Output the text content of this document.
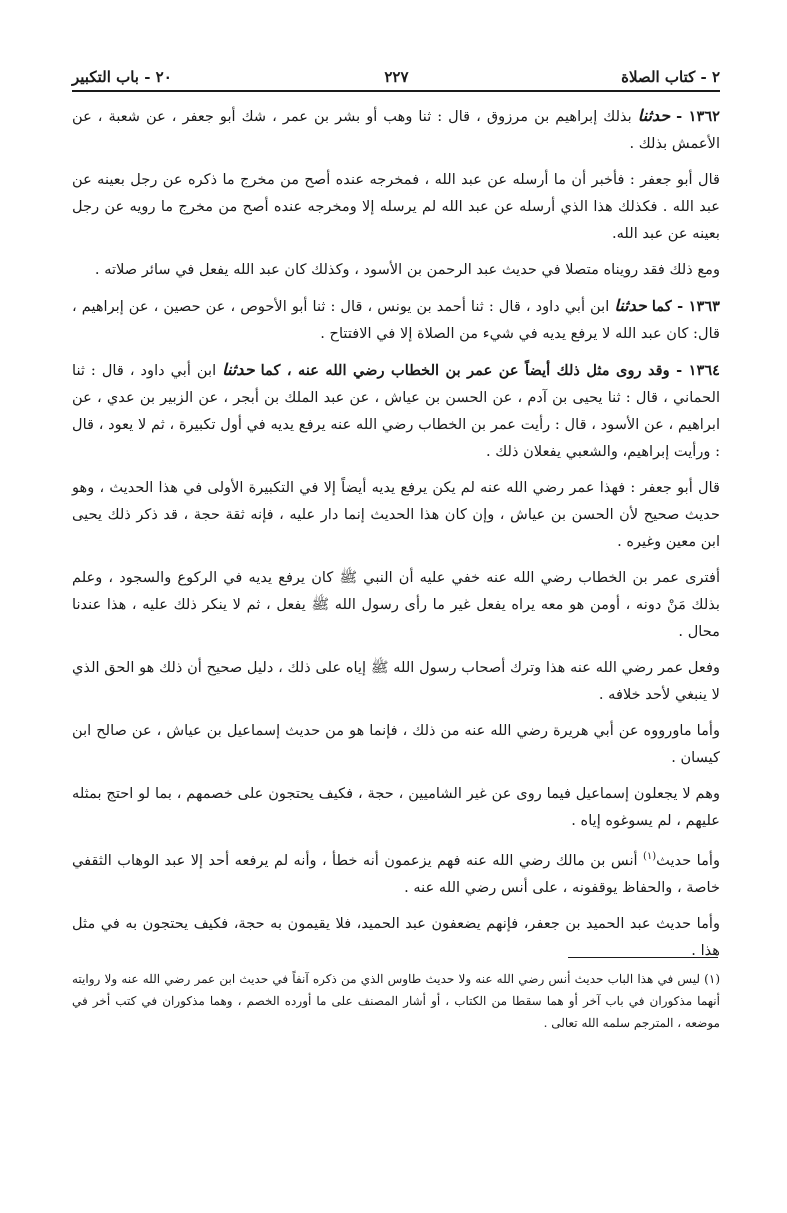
٢ - كتاب الصلاة
٢٢٧
٢٠ - باب التكبير

١٣٦٢ - حدثنا بذلك إبراهيم بن مرزوق ، قال : ثنا وهب أو بشر بن عمر ، شك أبو جعفر ، عن شعبة ، عن الأعمش بذلك .

قال أبو جعفر : فأخبر أن ما أرسله عن عبد الله ، فمخرجه عنده أصح من مخرج ما ذكره عن رجل بعينه عن عبد الله . فكذلك هذا الذي أرسله عن عبد الله لم يرسله إلا ومخرجه عنده أصح من مخرج ما رويه عن رجل بعينه عن عبد الله.

ومع ذلك فقد رويناه متصلا في حديث عبد الرحمن بن الأسود ، وكذلك كان عبد الله يفعل في سائر صلاته .

١٣٦٣ - كما حدثنا ابن أبي داود ، قال : ثنا أحمد بن يونس ، قال : ثنا أبو الأحوص ، عن حصين ، عن إبراهيم ، قال: كان عبد الله لا يرفع يديه في شيء من الصلاة إلا في الافتتاح .

١٣٦٤ - وقد روى مثل ذلك أيضاً عن عمر بن الخطاب رضي الله عنه ، كما حدثنا ابن أبي داود ، قال : ثنا الحماني ، قال : ثنا يحيى بن آدم ، عن الحسن بن عياش ، عن عبد الملك بن أبجر ، عن الزبير بن عدي ، عن ابراهيم ، عن الأسود ، قال : رأيت عمر بن الخطاب رضي الله عنه يرفع يديه في أول تكبيرة ، ثم لا يعود ، قال : ورأيت إبراهيم، والشعبي يفعلان ذلك .

قال أبو جعفر : فهذا عمر رضي الله عنه لم يكن يرفع يديه أيضاً إلا في التكبيرة الأولى في هذا الحديث ، وهو حديث صحيح لأن الحسن بن عياش ، وإن كان هذا الحديث إنما دار عليه ، فإنه ثقة حجة ، قد ذكر ذلك يحيى ابن معين وغيره .

أفترى عمر بن الخطاب رضي الله عنه خفي عليه أن النبي ﷺ كان يرفع يديه في الركوع والسجود ، وعلم بذلك مَنْ دونه ، أومن هو معه يراه يفعل غير ما رأى رسول الله ﷺ يفعل ، ثم لا ينكر ذلك عليه ، هذا عندنا محال .

وفعل عمر رضي الله عنه هذا وترك أصحاب رسول الله ﷺ إياه على ذلك ، دليل صحيح أن ذلك هو الحق الذي لا ينبغي لأحد خلافه .

وأما ماورووه عن أبي هريرة رضي الله عنه من ذلك ، فإنما هو من حديث إسماعيل بن عياش ، عن صالح ابن كيسان .

وهم لا يجعلون إسماعيل فيما روى عن غير الشاميين ، حجة ، فكيف يحتجون على خصمهم ، بما لو احتج بمثله عليهم ، لم يسوغوه إياه .

وأما حديث$^{(١)}$ أنس بن مالك رضي الله عنه فهم يزعمون أنه خطأ ، وأنه لم يرفعه أحد إلا عبد الوهاب الثقفي خاصة ، والحفاظ يوقفونه ، على أنس رضي الله عنه .

وأما حديث عبد الحميد بن جعفر، فإنهم يضعفون عبد الحميد، فلا يقيمون به حجة، فكيف يحتجون به في مثل هذا .

(١) ليس في هذا الباب حديث أنس رضي الله عنه ولا حديث طاوس الذي من ذكره آنفاً في حديث ابن عمر رضي الله عنه ولا روايته أنهما مذكوران في باب آخر أو هما سقطا من الكتاب ، أو أشار المصنف على ما أورده الخصم ، وهما مذكوران في كتب أخر في موضعه ، المترجم سلمه الله تعالى .
